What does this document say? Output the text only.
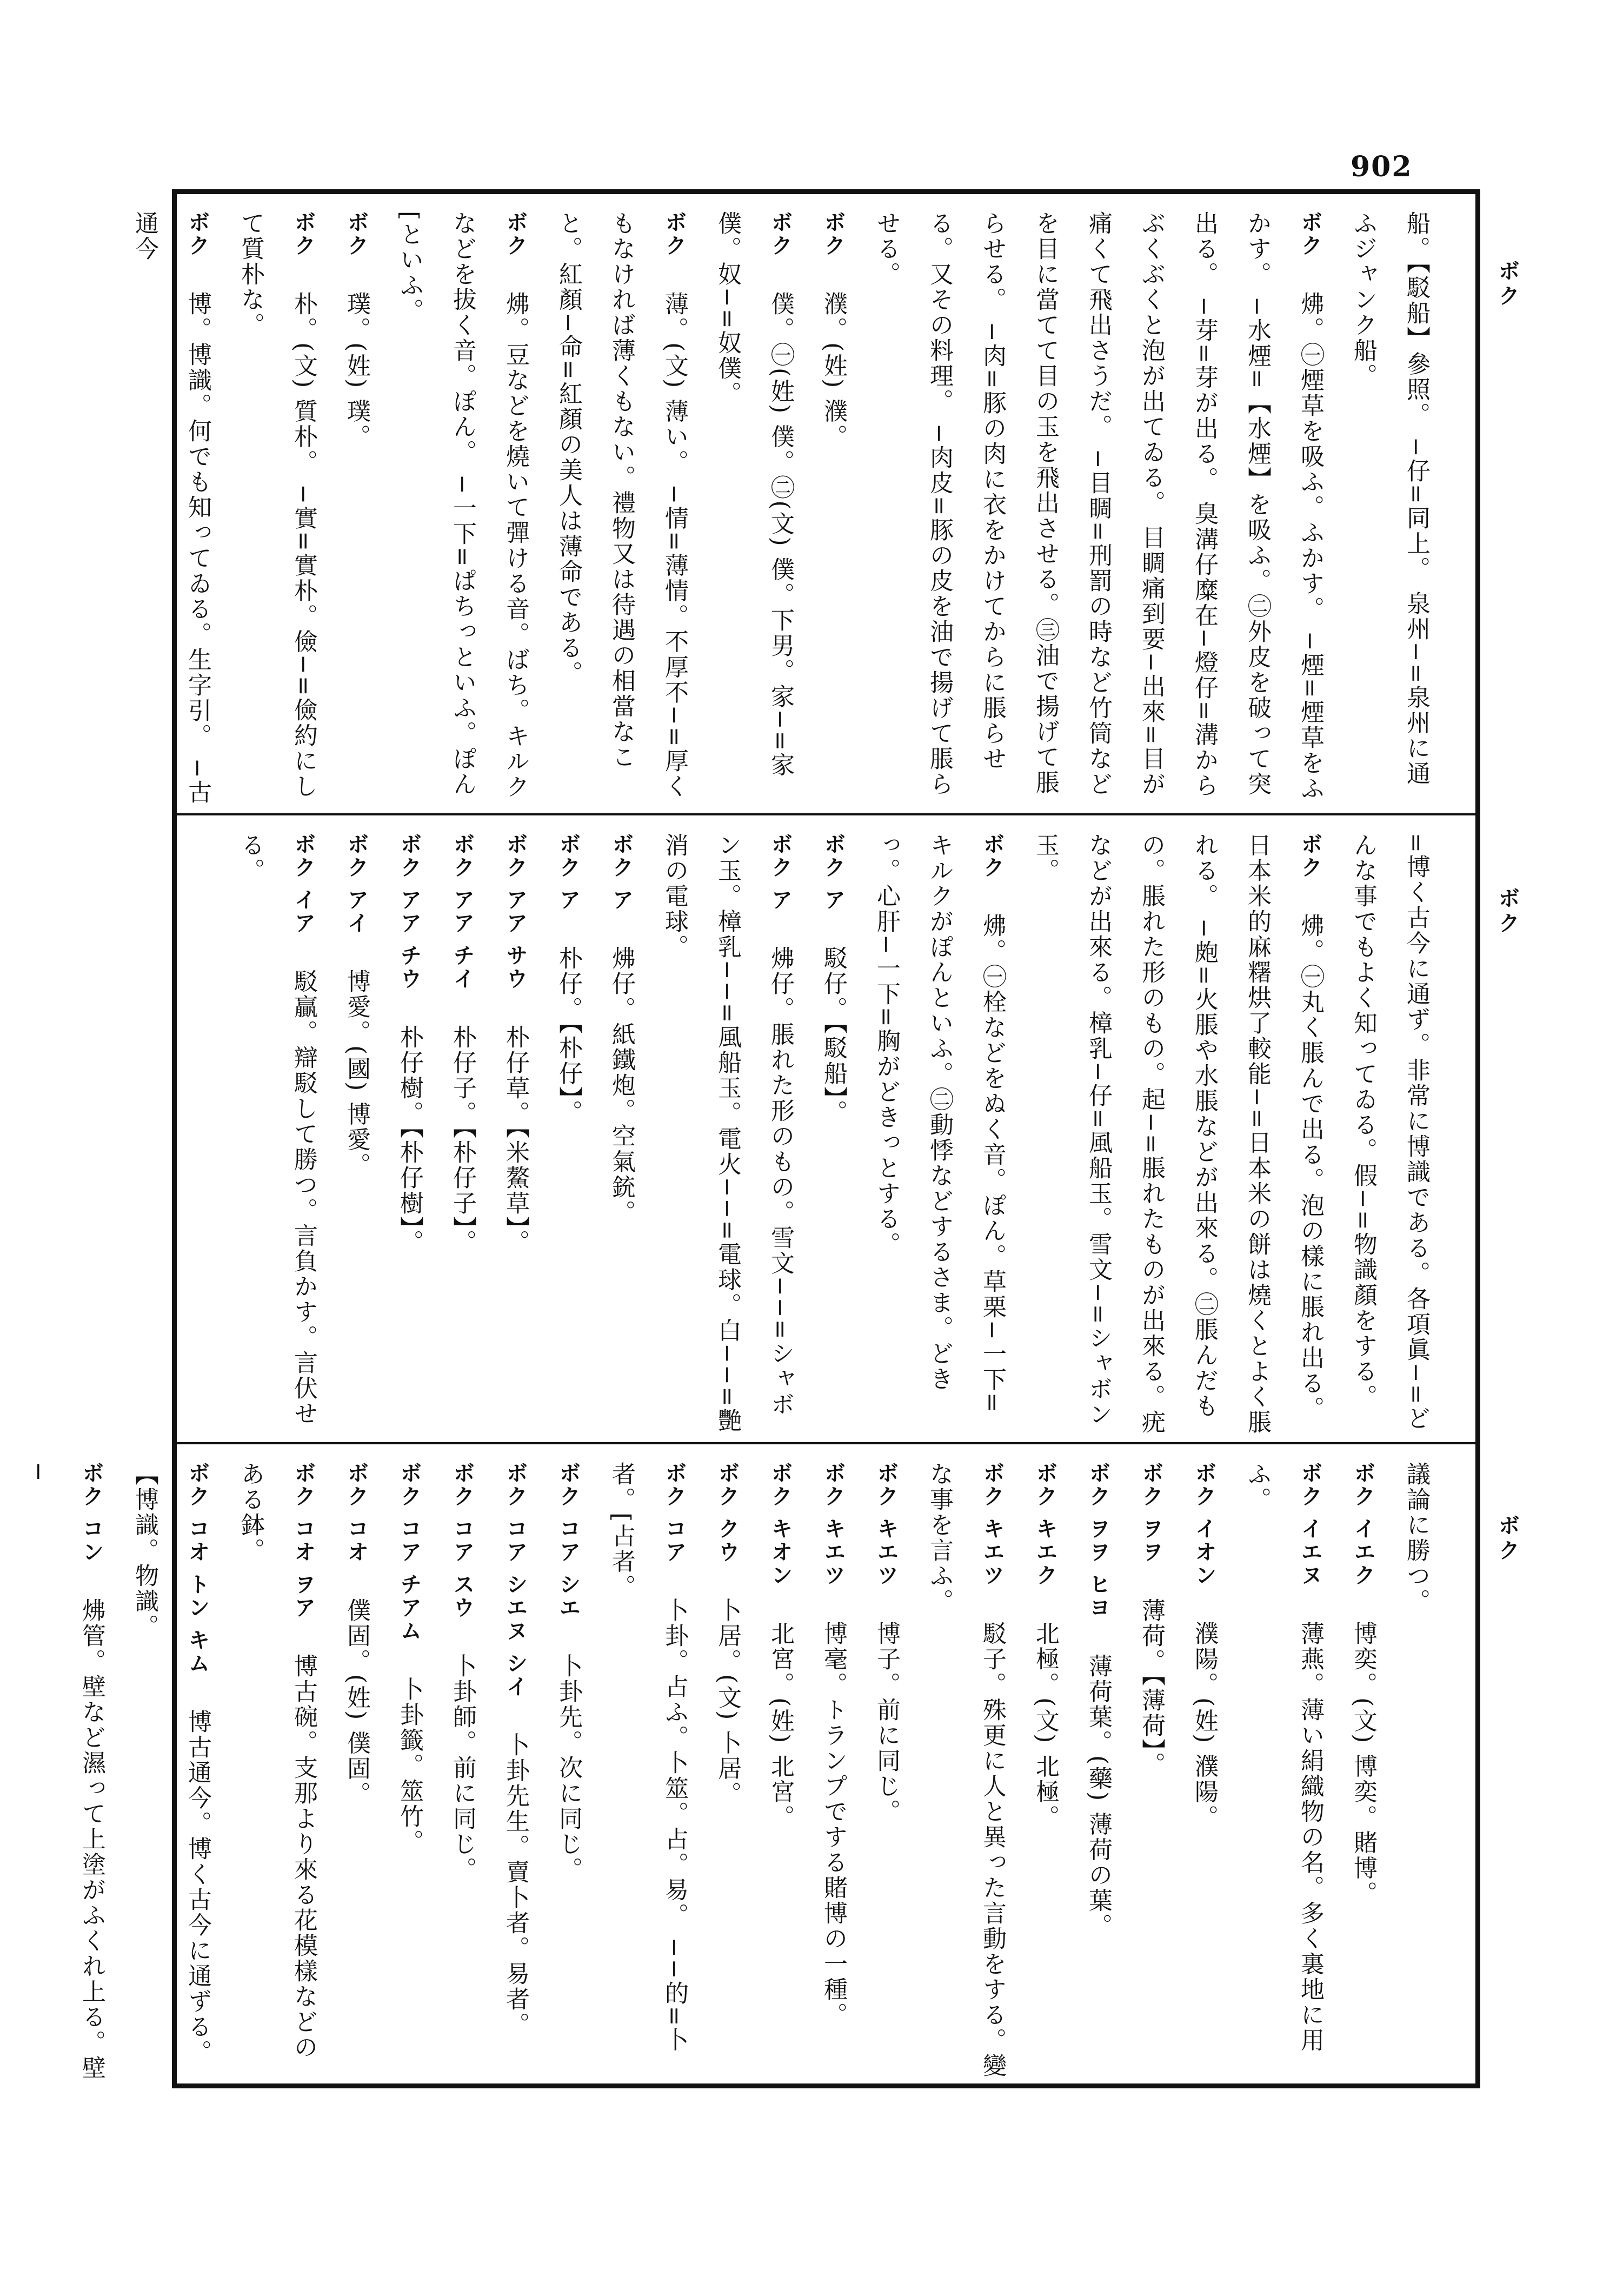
902
ボク
ボク
ボク
船。【駁船】參照。 −仔=同上。 泉州−=泉州に通ふジャンク船。
ボク　炥。㊀煙草を吸ふ。ふかす。 −煙=煙草をふかす。 −水煙=【水煙】を吸ふ。㊁外皮を破って突出る。 −芽=芽が出る。 臭溝仔糜在−燈仔=溝からぶくぶくと泡が出てゐる。 目睭痛到要−出來=目が痛くて飛出さうだ。 −目睭=刑罰の時など竹筒などを目に當てて目の玉を飛出させる。㊂油で揚げて脹らせる。 −肉=豚の肉に衣をかけてからに脹らせる。又その料理。 −肉皮=豚の皮を油で揚げて脹らせる。
ボク　濮。(姓) 濮。
ボク　僕。㊀(姓) 僕。㊁(文) 僕。下男。家−=家僕。奴−=奴僕。
ボク　薄。(文) 薄い。 −情=薄情。不厚不−=厚くもなければ薄くもない。禮物又は待遇の相當なこと。紅顏−命=紅顏の美人は薄命である。
ボク　炥。豆などを燒いて彈ける音。ばち。キルクなどを拔く音。ぽん。 −一下=ぱちっといふ。ぽん[といふ。
ボク　璞。(姓) 璞。
ボク　朴。(文) 質朴。 −實=實朴。儉−=儉約にして質朴な。
ボク　博。博識。何でも知ってゐる。生字引。 −古通今
=博く古今に通ず。非常に博識である。各項眞−=どんな事でもよく知ってゐる。假−=物識顏をする。
ボク　炥。㊀丸く脹んで出る。泡の樣に脹れ出る。日本米的麻糬烘了較能−=日本米の餅は燒くとよく脹れる。 −皰=火脹や水脹などが出來る。㊁脹んだもの。脹れた形のもの。起−=脹れたものが出來る。疣などが出來る。樟乳−仔=風船玉。雪文−=シャボン玉。
ボク　炥。㊀栓などをぬく音。ぽん。草栗−一下=キルクがぽんといふ。㊁動悸などするさま。どきっ。心肝−一下=胸がどきっとする。
ボク ア　駁仔。【駁船】。
ボク ア　炥仔。脹れた形のもの。雪文−−=シャボン玉。樟乳−−=風船玉。電火−−=電球。白−−=艷消の電球。
ボク ア　炥仔。紙鐵炮。空氣銃。
ボク ア　朴仔。【朴仔】。
ボク アア サウ　朴仔草。【米鰲草】。
ボク アア チイ　朴仔子。【朴仔子】。
ボク アア チウ　朴仔樹。【朴仔樹】。
ボク アイ　博愛。(國) 博愛。
ボク イア　駁贏。辯駁して勝つ。言負かす。言伏せる。
議論に勝つ。
ボク イエク　博奕。(文) 博奕。賭博。
ボク イエヌ　薄燕。薄い絹織物の名。多く裏地に用ふ。
ボク イオン　濮陽。(姓) 濮陽。
ボク ヲヲ　薄荷。【薄荷】。
ボク ヲヲ ヒヨ　薄荷葉。(藥) 薄荷の葉。
ボク キエク　北極。(文) 北極。
ボク キエツ　駁子。殊更に人と異った言動をする。變な事を言ふ。
ボク キエツ　博子。前に同じ。
ボク キエツ　博毫。トランプでする賭博の一種。
ボク キオン　北宮。(姓) 北宮。
ボク クウ　卜居。(文) 卜居。
ボク コア　卜卦。占ふ。卜筮。占。易。 −−的=卜者。[占者。
ボク コア シエ　卜卦先。次に同じ。
ボク コア シエヌ シイ　卜卦先生。賣卜者。易者。
ボク コア スウ　卜卦師。前に同じ。
ボク コア チアム　卜卦籤。筮竹。
ボク コオ　僕固。(姓) 僕固。
ボク コオ ヲア　博古碗。支那より來る花模樣などのある鉢。
ボク コオ トン キム　博古通今。博く古今に通ずる。【博識。物識。
ボク コン　炥管。壁など濕って上塗がふくれ上る。壁−
